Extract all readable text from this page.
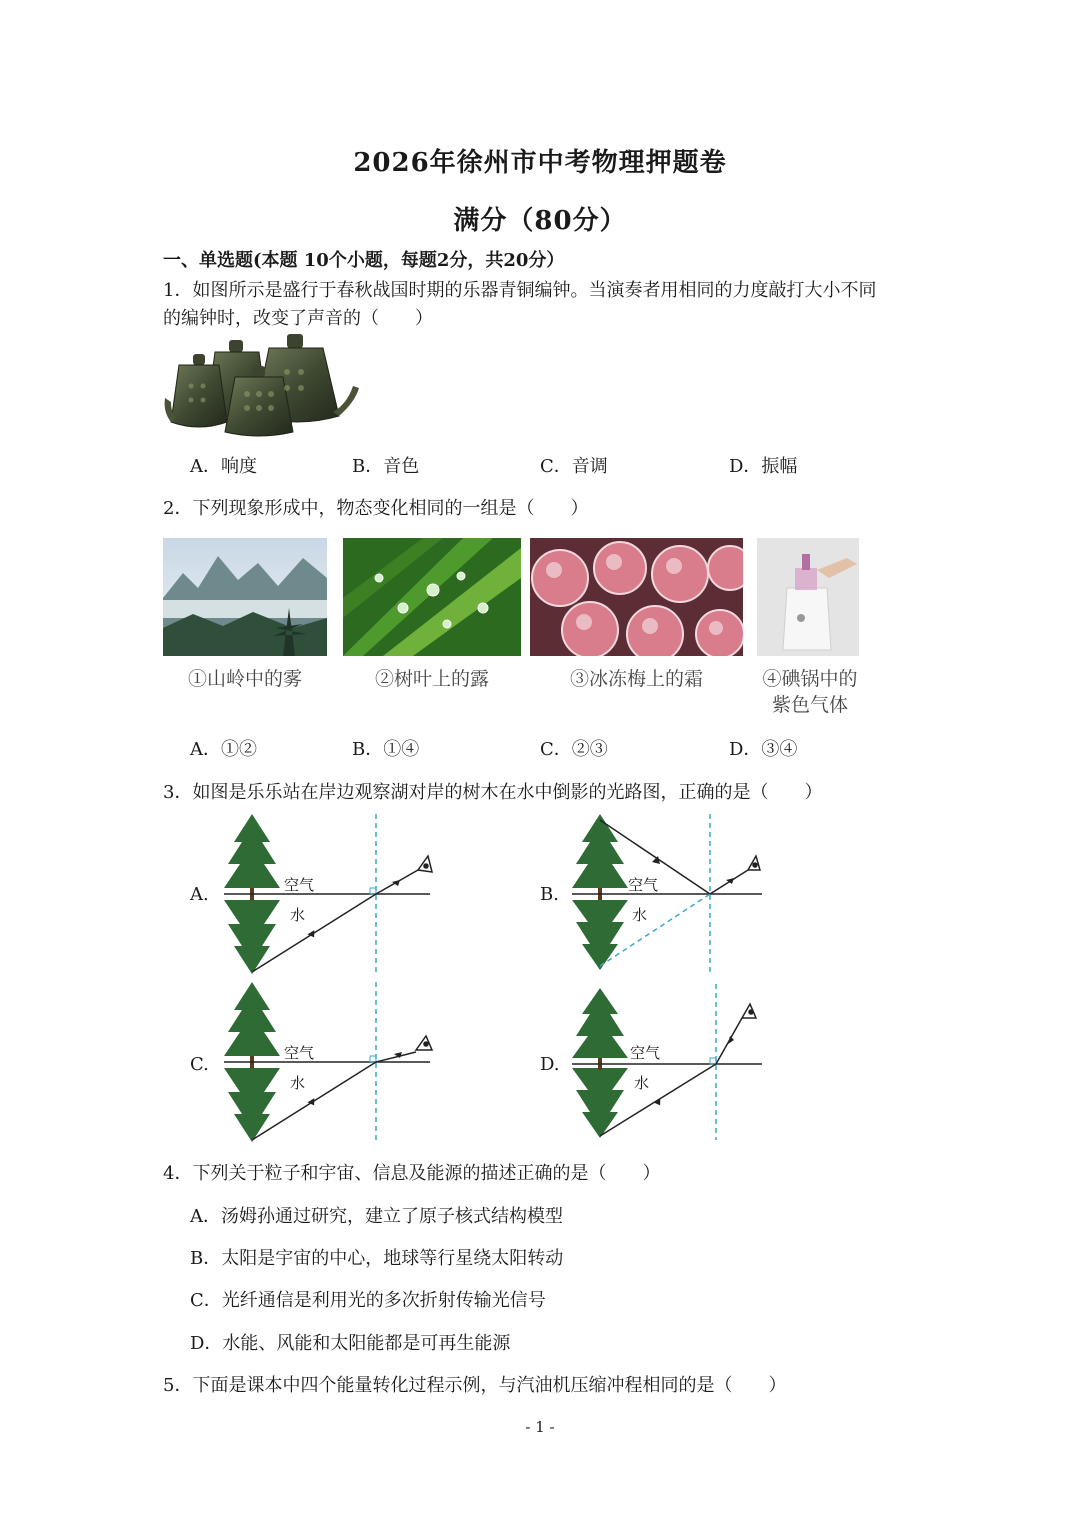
2026年徐州市中考物理押题卷
满分（80分）
一、单选题(本题 10个小题，每题2分，共20分）
1．如图所示是盛行于春秋战国时期的乐器青铜编钟。当演奏者用相同的力度敲打大小不同
的编钟时，改变了声音的（　　）
A．响度	B．音色	C．音调	D．振幅
2．下列现象形成中，物态变化相同的一组是（　　）
①山岭中的雾	②树叶上的露	③冰冻梅上的霜	④碘锅中的
紫色气体
A．①②	B．①④	C．②③	D．③④
3．如图是乐乐站在岸边观察湖对岸的树木在水中倒影的光路图，正确的是（　　）
A.	空气
水
B.	空气
水
C.
空气
水
D.
空气
水
4．下列关于粒子和宇宙、信息及能源的描述正确的是（　　）
A．汤姆孙通过研究，建立了原子核式结构模型
B．太阳是宇宙的中心，地球等行星绕太阳转动
C．光纤通信是利用光的多次折射传输光信号
D．水能、风能和太阳能都是可再生能源
5．下面是课本中四个能量转化过程示例，与汽油机压缩冲程相同的是（　　）
- 1 -
